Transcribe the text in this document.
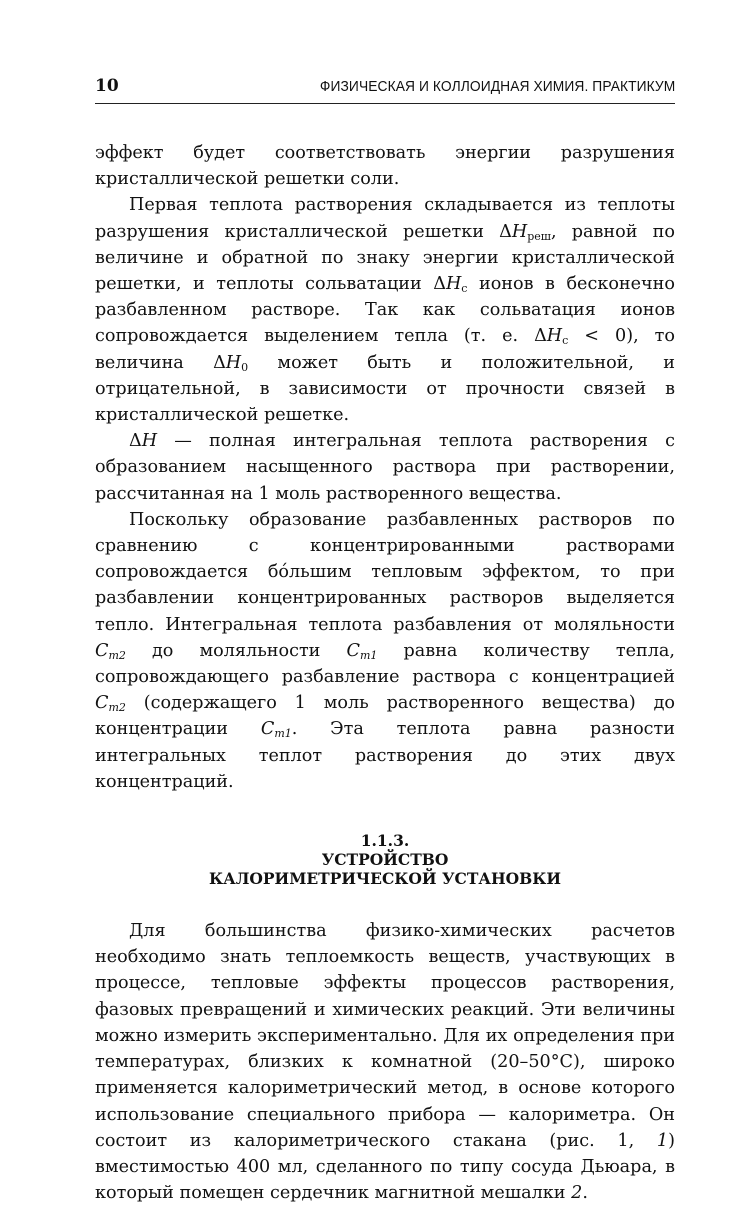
10	ФИЗИЧЕСКАЯ И КОЛЛОИДНАЯ ХИМИЯ. ПРАКТИКУМ

эффект будет соответствовать энергии разрушения кристаллической решетки соли.

Первая теплота растворения складывается из теплоты разрушения кристаллической решетки $\Delta H_{реш}$, равной по величине и обратной по знаку энергии кристаллической решетки, и теплоты сольватации $\Delta H_с$ ионов в бесконечно разбавленном растворе. Так как сольватация ионов сопровождается выделением тепла (т. е. $\Delta H_с < 0$), то величина $\Delta H_0$ может быть и положительной, и отрицательной, в зависимости от прочности связей в кристаллической решетке.

ΔH — полная интегральная теплота растворения с образованием насыщенного раствора при растворении, рассчитанная на 1 моль растворенного вещества.

Поскольку образование разбавленных растворов по сравнению с концентрированными растворами сопровождается бо́льшим тепловым эффектом, то при разбавлении концентрированных растворов выделяется тепло. Интегральная теплота разбавления от моляльности $C_{m2}$ до моляльности $C_{m1}$ равна количеству тепла, сопровождающего разбавление раствора с концентрацией $C_{m2}$ (содержащего 1 моль растворенного вещества) до концентрации $C_{m1}$. Эта теплота равна разности интегральных теплот растворения до этих двух концентраций.

1.1.3.
УСТРОЙСТВО
КАЛОРИМЕТРИЧЕСКОЙ УСТАНОВКИ

Для большинства физико-химических расчетов необходимо знать теплоемкость веществ, участвующих в процессе, тепловые эффекты процессов растворения, фазовых превращений и химических реакций. Эти величины можно измерить экспериментально. Для их определения при температурах, близких к комнатной (20–50°С), широко применяется калориметрический метод, в основе которого использование специального прибора — калориметра. Он состоит из калориметрического стакана (рис. 1, 1) вместимостью 400 мл, сделанного по типу сосуда Дьюара, в который помещен сердечник магнитной мешалки 2.
